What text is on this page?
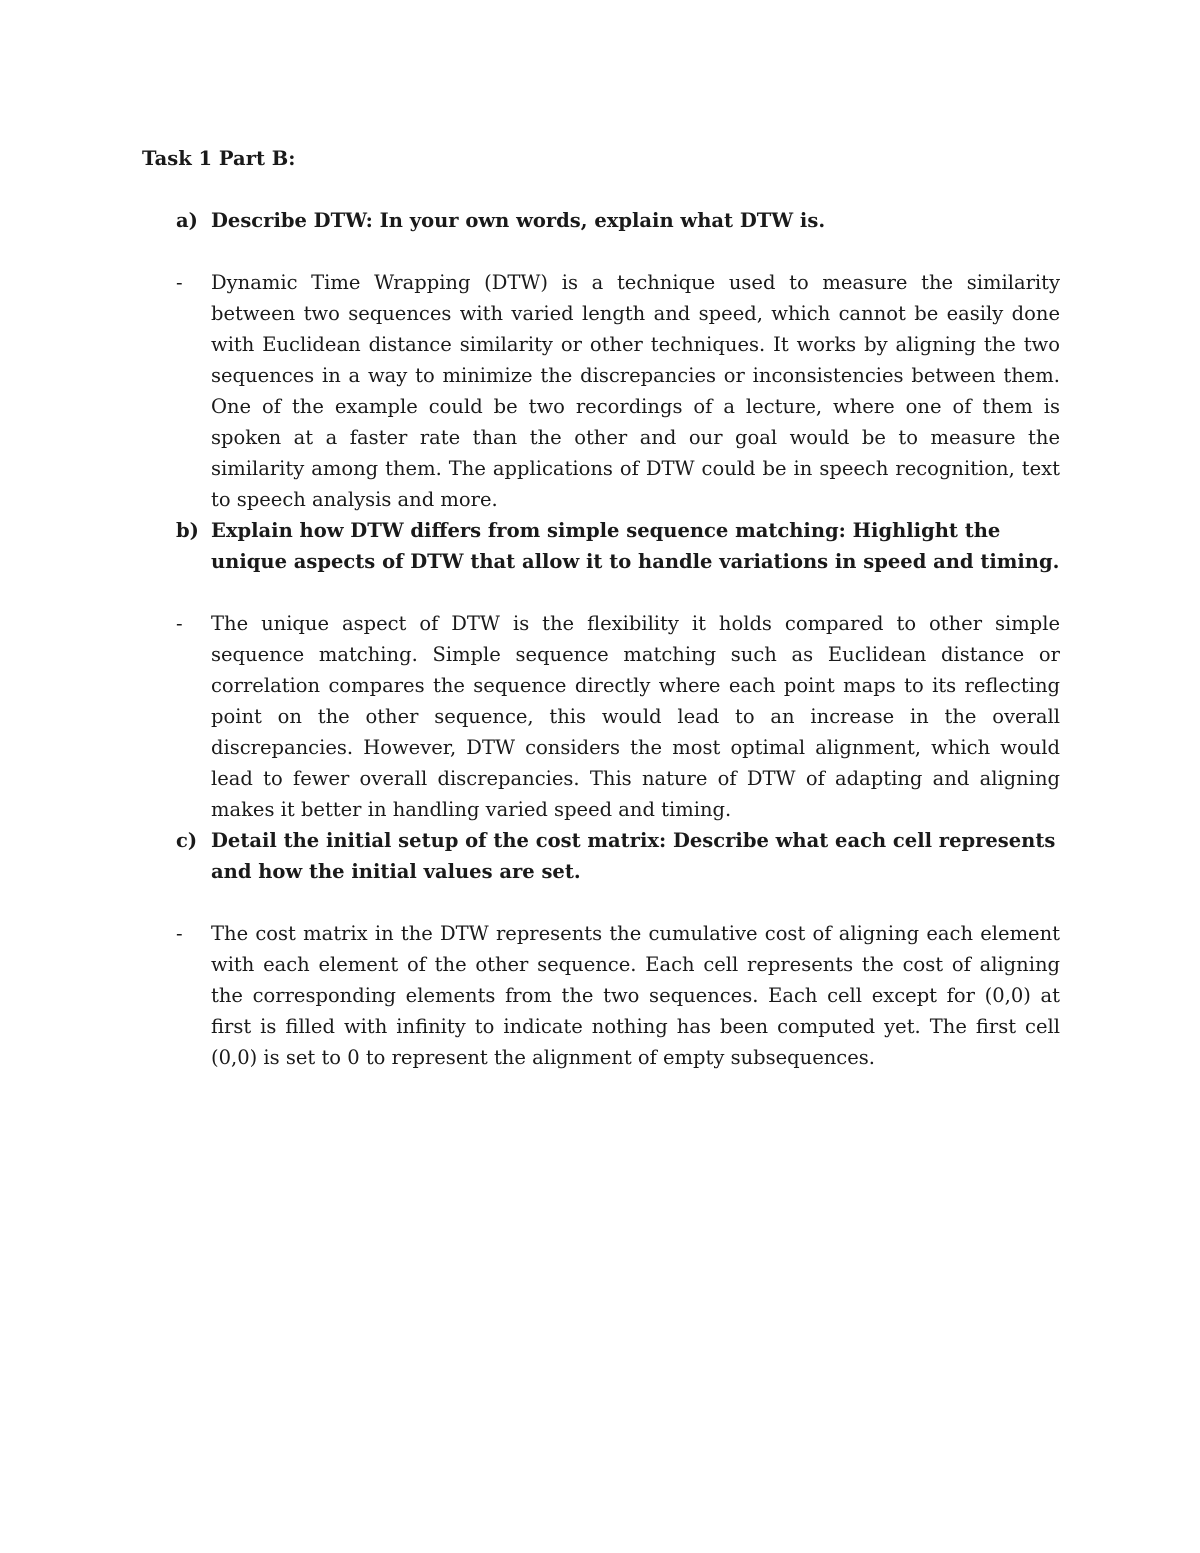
Task 1 Part B:
a) Describe DTW: In your own words, explain what DTW is.
- Dynamic Time Wrapping (DTW) is a technique used to measure the similarity between two sequences with varied length and speed, which cannot be easily done with Euclidean distance similarity or other techniques. It works by aligning the two sequences in a way to minimize the discrepancies or inconsistencies between them. One of the example could be two recordings of a lecture, where one of them is spoken at a faster rate than the other and our goal would be to measure the similarity among them. The applications of DTW could be in speech recognition, text to speech analysis and more.
b) Explain how DTW differs from simple sequence matching: Highlight the unique aspects of DTW that allow it to handle variations in speed and timing.
- The unique aspect of DTW is the flexibility it holds compared to other simple sequence matching. Simple sequence matching such as Euclidean distance or correlation compares the sequence directly where each point maps to its reflecting point on the other sequence, this would lead to an increase in the overall discrepancies. However, DTW considers the most optimal alignment, which would lead to fewer overall discrepancies. This nature of DTW of adapting and aligning makes it better in handling varied speed and timing.
c) Detail the initial setup of the cost matrix: Describe what each cell represents and how the initial values are set.
- The cost matrix in the DTW represents the cumulative cost of aligning each element with each element of the other sequence. Each cell represents the cost of aligning the corresponding elements from the two sequences. Each cell except for (0,0) at first is filled with infinity to indicate nothing has been computed yet. The first cell (0,0) is set to 0 to represent the alignment of empty subsequences.
